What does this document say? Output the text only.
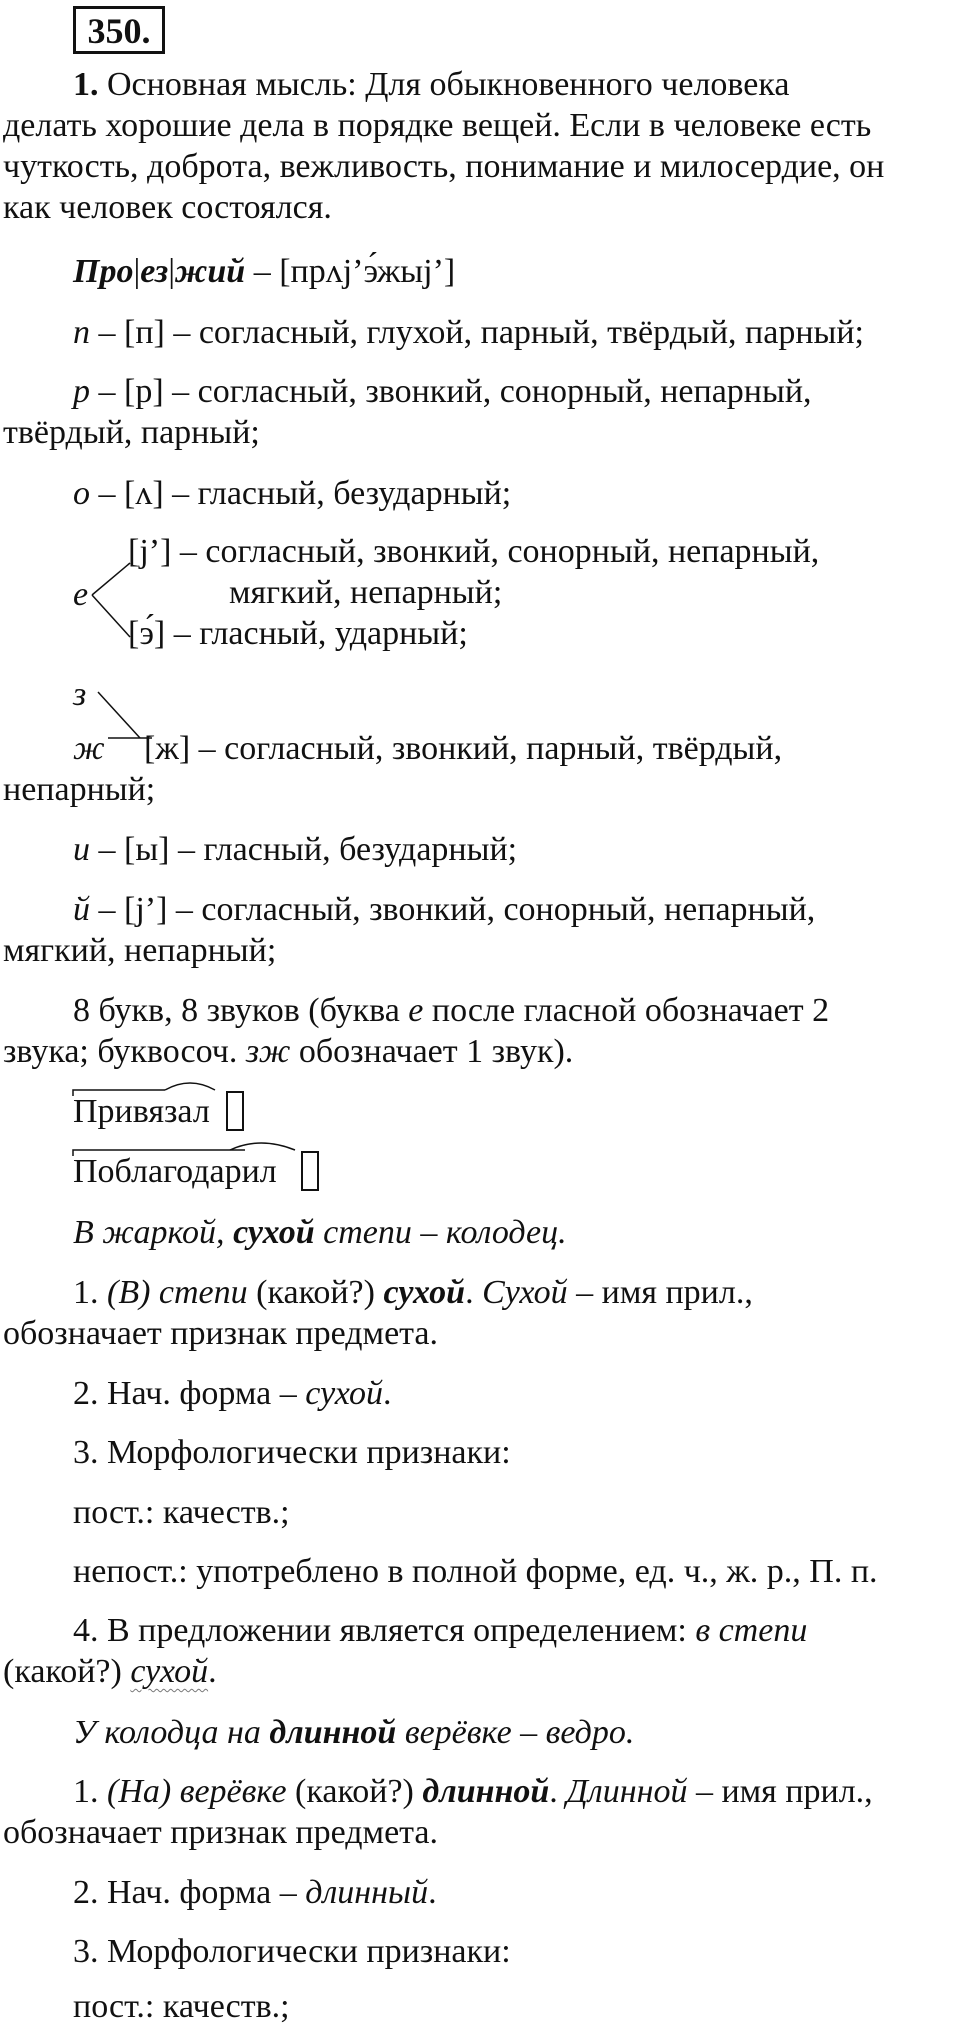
350.
1. Основная мысль: Для обыкновенного человека
делать хорошие дела в порядке вещей. Если в человеке есть
чуткость, доброта, вежливость, понимание и милосердие, он
как человек состоялся.
Про|ез|жий – [прʌj’э́жыj’]
п – [п] – согласный, глухой, парный, твёрдый, парный;
р – [р] – согласный, звонкий, сонорный, непарный,
твёрдый, парный;
о – [ʌ] – гласный, безударный;
е
[j’] – согласный, звонкий, сонорный, непарный,
мягкий, непарный;
[э́] – гласный, ударный;
з
ж [ж] – согласный, звонкий, парный, твёрдый,
непарный;
и – [ы] – гласный, безударный;
й – [j’] – согласный, звонкий, сонорный, непарный,
мягкий, непарный;
8 букв, 8 звуков (буква е после гласной обозначает 2
звука; буквосоч. зж обозначает 1 звук).
Привязал
Поблагодарил
В жаркой, сухой степи – колодец.
1. (В) степи (какой?) сухой. Сухой – имя прил.,
обозначает признак предмета.
2. Нач. форма – сухой.
3. Морфологически признаки:
пост.: качеств.;
непост.: употреблено в полной форме, ед. ч., ж. р., П. п.
4. В предложении является определением: в степи
(какой?) сухой.
У колодца на длинной верёвке – ведро.
1. (На) верёвке (какой?) длинной. Длинной – имя прил.,
обозначает признак предмета.
2. Нач. форма – длинный.
3. Морфологически признаки:
пост.: качеств.;
